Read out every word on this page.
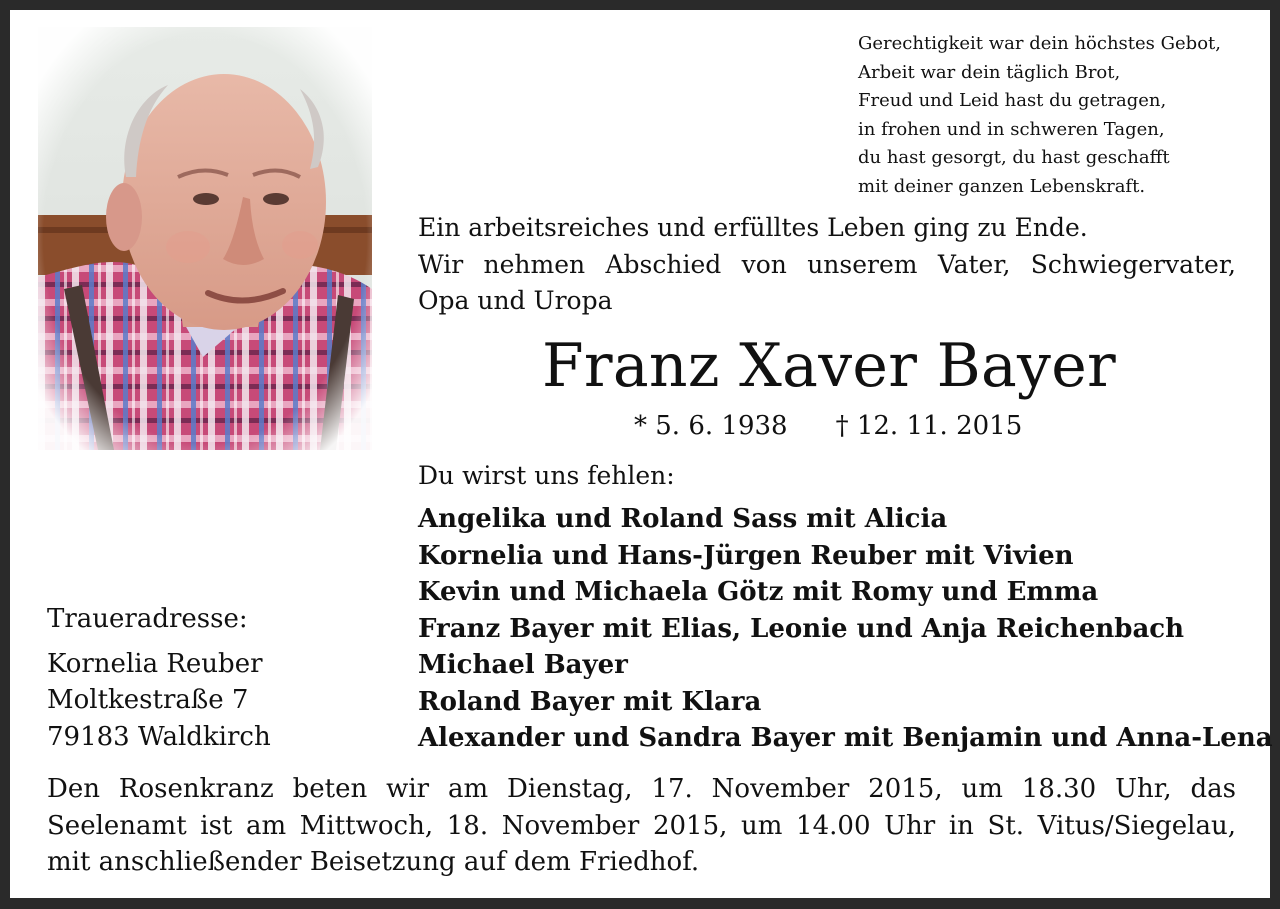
Gerechtigkeit war dein höchstes Gebot,
Arbeit war dein täglich Brot,
Freud und Leid hast du getragen,
in frohen und in schweren Tagen,
du hast gesorgt, du hast geschafft
mit deiner ganzen Lebenskraft.
Ein arbeitsreiches und erfülltes Leben ging zu Ende.
Wir nehmen Abschied von unserem Vater, Schwiegervater,
Opa und Uropa
Franz Xaver Bayer
* 5. 6. 1938 † 12. 11. 2015
Du wirst uns fehlen:
Angelika und Roland Sass mit Alicia
Kornelia und Hans-Jürgen Reuber mit Vivien
Kevin und Michaela Götz mit Romy und Emma
Franz Bayer mit Elias, Leonie und Anja Reichenbach
Michael Bayer
Roland Bayer mit Klara
Alexander und Sandra Bayer mit Benjamin und Anna-Lena
Traueradresse:
Kornelia Reuber
Moltkestraße 7
79183 Waldkirch
Den Rosenkranz beten wir am Dienstag, 17. November 2015, um 18.30 Uhr, das
Seelenamt ist am Mittwoch, 18. November 2015, um 14.00 Uhr in St. Vitus/Siegelau,
mit anschließender Beisetzung auf dem Friedhof.
